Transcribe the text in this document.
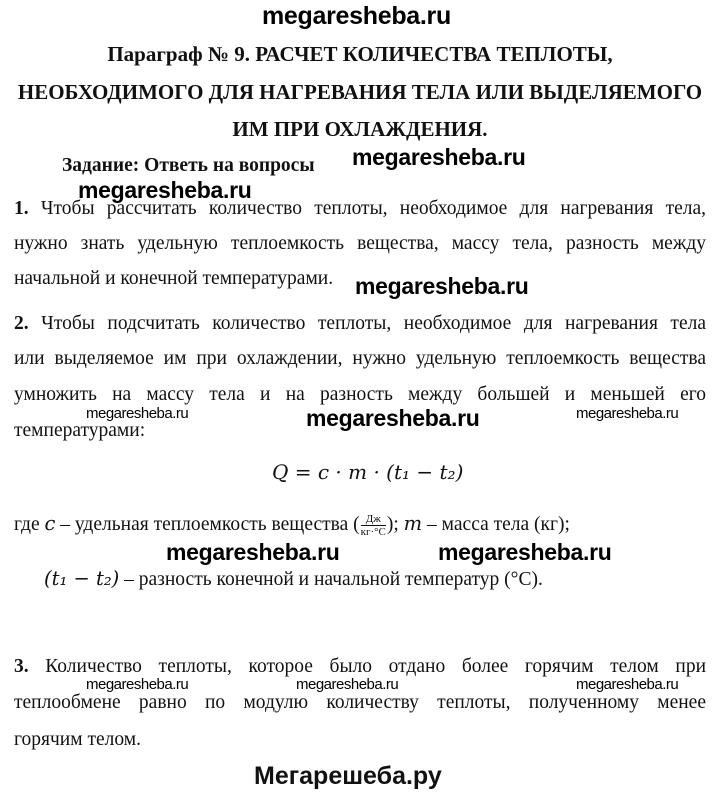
megaresheba.ru
Параграф № 9. РАСЧЕТ КОЛИЧЕСТВА ТЕПЛОТЫ,
НЕОБХОДИМОГО ДЛЯ НАГРЕВАНИЯ ТЕЛА ИЛИ ВЫДЕЛЯЕМОГО
ИМ ПРИ ОХЛАЖДЕНИЯ.
Задание: Ответь на вопросы megaresheba.ru
megaresheba.ru
1. Чтобы рассчитать количество теплоты, необходимое для нагревания тела,
нужно знать удельную теплоемкость вещества, массу тела, разность между
начальной и конечной температурами. megaresheba.ru
2. Чтобы подсчитать количество теплоты, необходимое для нагревания тела
или выделяемое им при охлаждении, нужно удельную теплоемкость вещества
умножить на массу тела и на разность между большей и меньшей его
megaresheba.ru	megaresheba.ru	megaresheba.ru
температурами:
Q = c · m · (t₁ − t₂)
где c – удельная теплоемкость вещества ( $\frac{Дж}{кг\cdot^\circ C}$ ); m – масса тела (кг);
megaresheba.ru	megaresheba.ru
(t₁ − t₂) – разность конечной и начальной температур (°С).
3. Количество теплоты, которое было отдано более горячим телом при
megaresheba.ru	megaresheba.ru	megaresheba.ru
теплообмене равно по модулю количеству теплоты, полученному менее
горячим телом.
Мегарешеба.ру
